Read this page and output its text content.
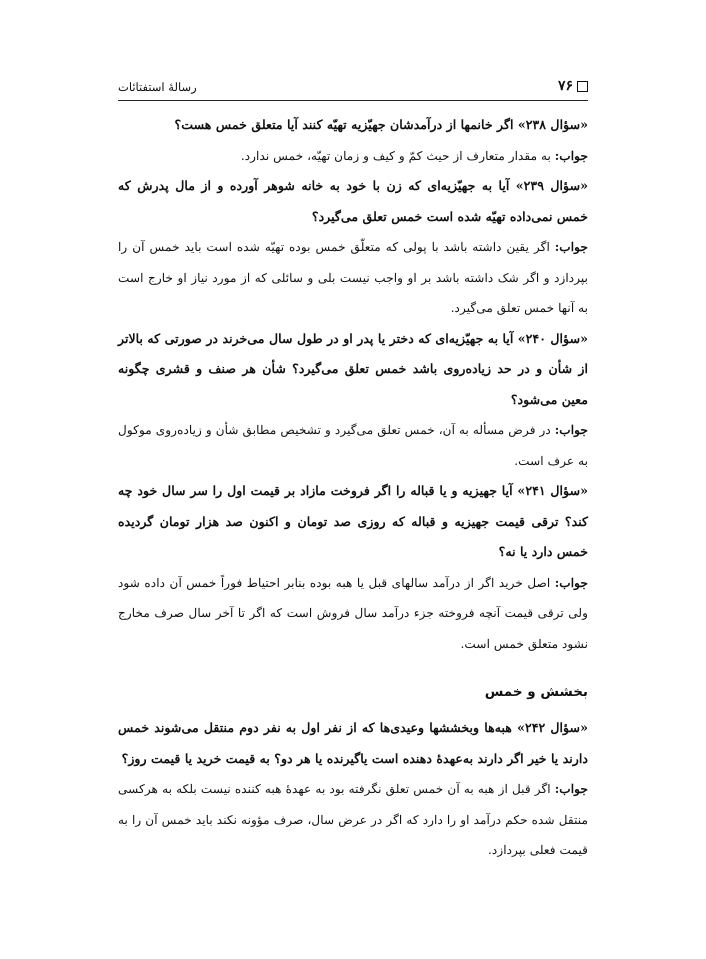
٧۶
رسالهٔ استفتائات

«سؤال ٢٣٨» اگر خانمها از درآمدشان جهیّزیه تهیّه کنند آیا متعلق خمس هست؟

جواب: به مقدار متعارف از حیث کمّ و کیف و زمان تهیّه، خمس ندارد.

«سؤال ٢٣٩» آیا به جهیّزیه‌ای که زن با خود به خانه شوهر آورده و از مال پدرش که خمس نمی‌داده تهیّه شده است خمس تعلق می‌گیرد؟

جواب: اگر یقین داشته باشد با پولی که متعلّق خمس بوده تهیّه شده است باید خمس آن را بپردازد و اگر شک داشته باشد بر او واجب نیست بلی و سائلی که از مورد نیاز او خارج است به آنها خمس تعلق می‌گیرد.

«سؤال ٢۴٠» آیا به جهیّزیه‌ای که دختر یا پدر او در طول سال می‌خرند در صورتی که بالاتر از شأن و در حد زیاده‌روی باشد خمس تعلق می‌گیرد؟ شأن هر صنف و قشری چگونه معین می‌شود؟

جواب: در فرض مسأله به آن، خمس تعلق می‌گیرد و تشخیص مطابق شأن و زیاده‌روی موکول به عرف است.

«سؤال ٢۴١» آیا جهیزیه و یا قباله را اگر فروخت مازاد بر قیمت اول را سر سال خود چه کند؟ ترقی قیمت جهیزیه و قباله که روزی صد تومان و اکنون صد هزار تومان گردیده خمس دارد یا نه؟

جواب: اصل خرید اگر از درآمد سالهای قبل یا هبه بوده بنابر احتیاط فوراً خمس آن داده شود ولی ترقی قیمت آنچه فروخته جزء درآمد سال فروش است که اگر تا آخر سال صرف مخارج نشود متعلق خمس است.

بخشش و خمس

«سؤال ٢۴٢» هبه‌ها وبخششها وعیدی‌ها که از نفر اول به نفر دوم منتقل می‌شوند خمس دارند یا خیر اگر دارند به‌عهدهٔ دهنده است یاگیرنده یا هر دو؟ به قیمت خرید یا قیمت روز؟

جواب: اگر قبل از هبه به آن خمس تعلق نگرفته بود به عهدهٔ هبه کننده نیست بلکه به هرکسی منتقل شده حکم درآمد او را دارد که اگر در عرض سال، صرف مؤونه نکند باید خمس آن را به قیمت فعلی بپردازد.
